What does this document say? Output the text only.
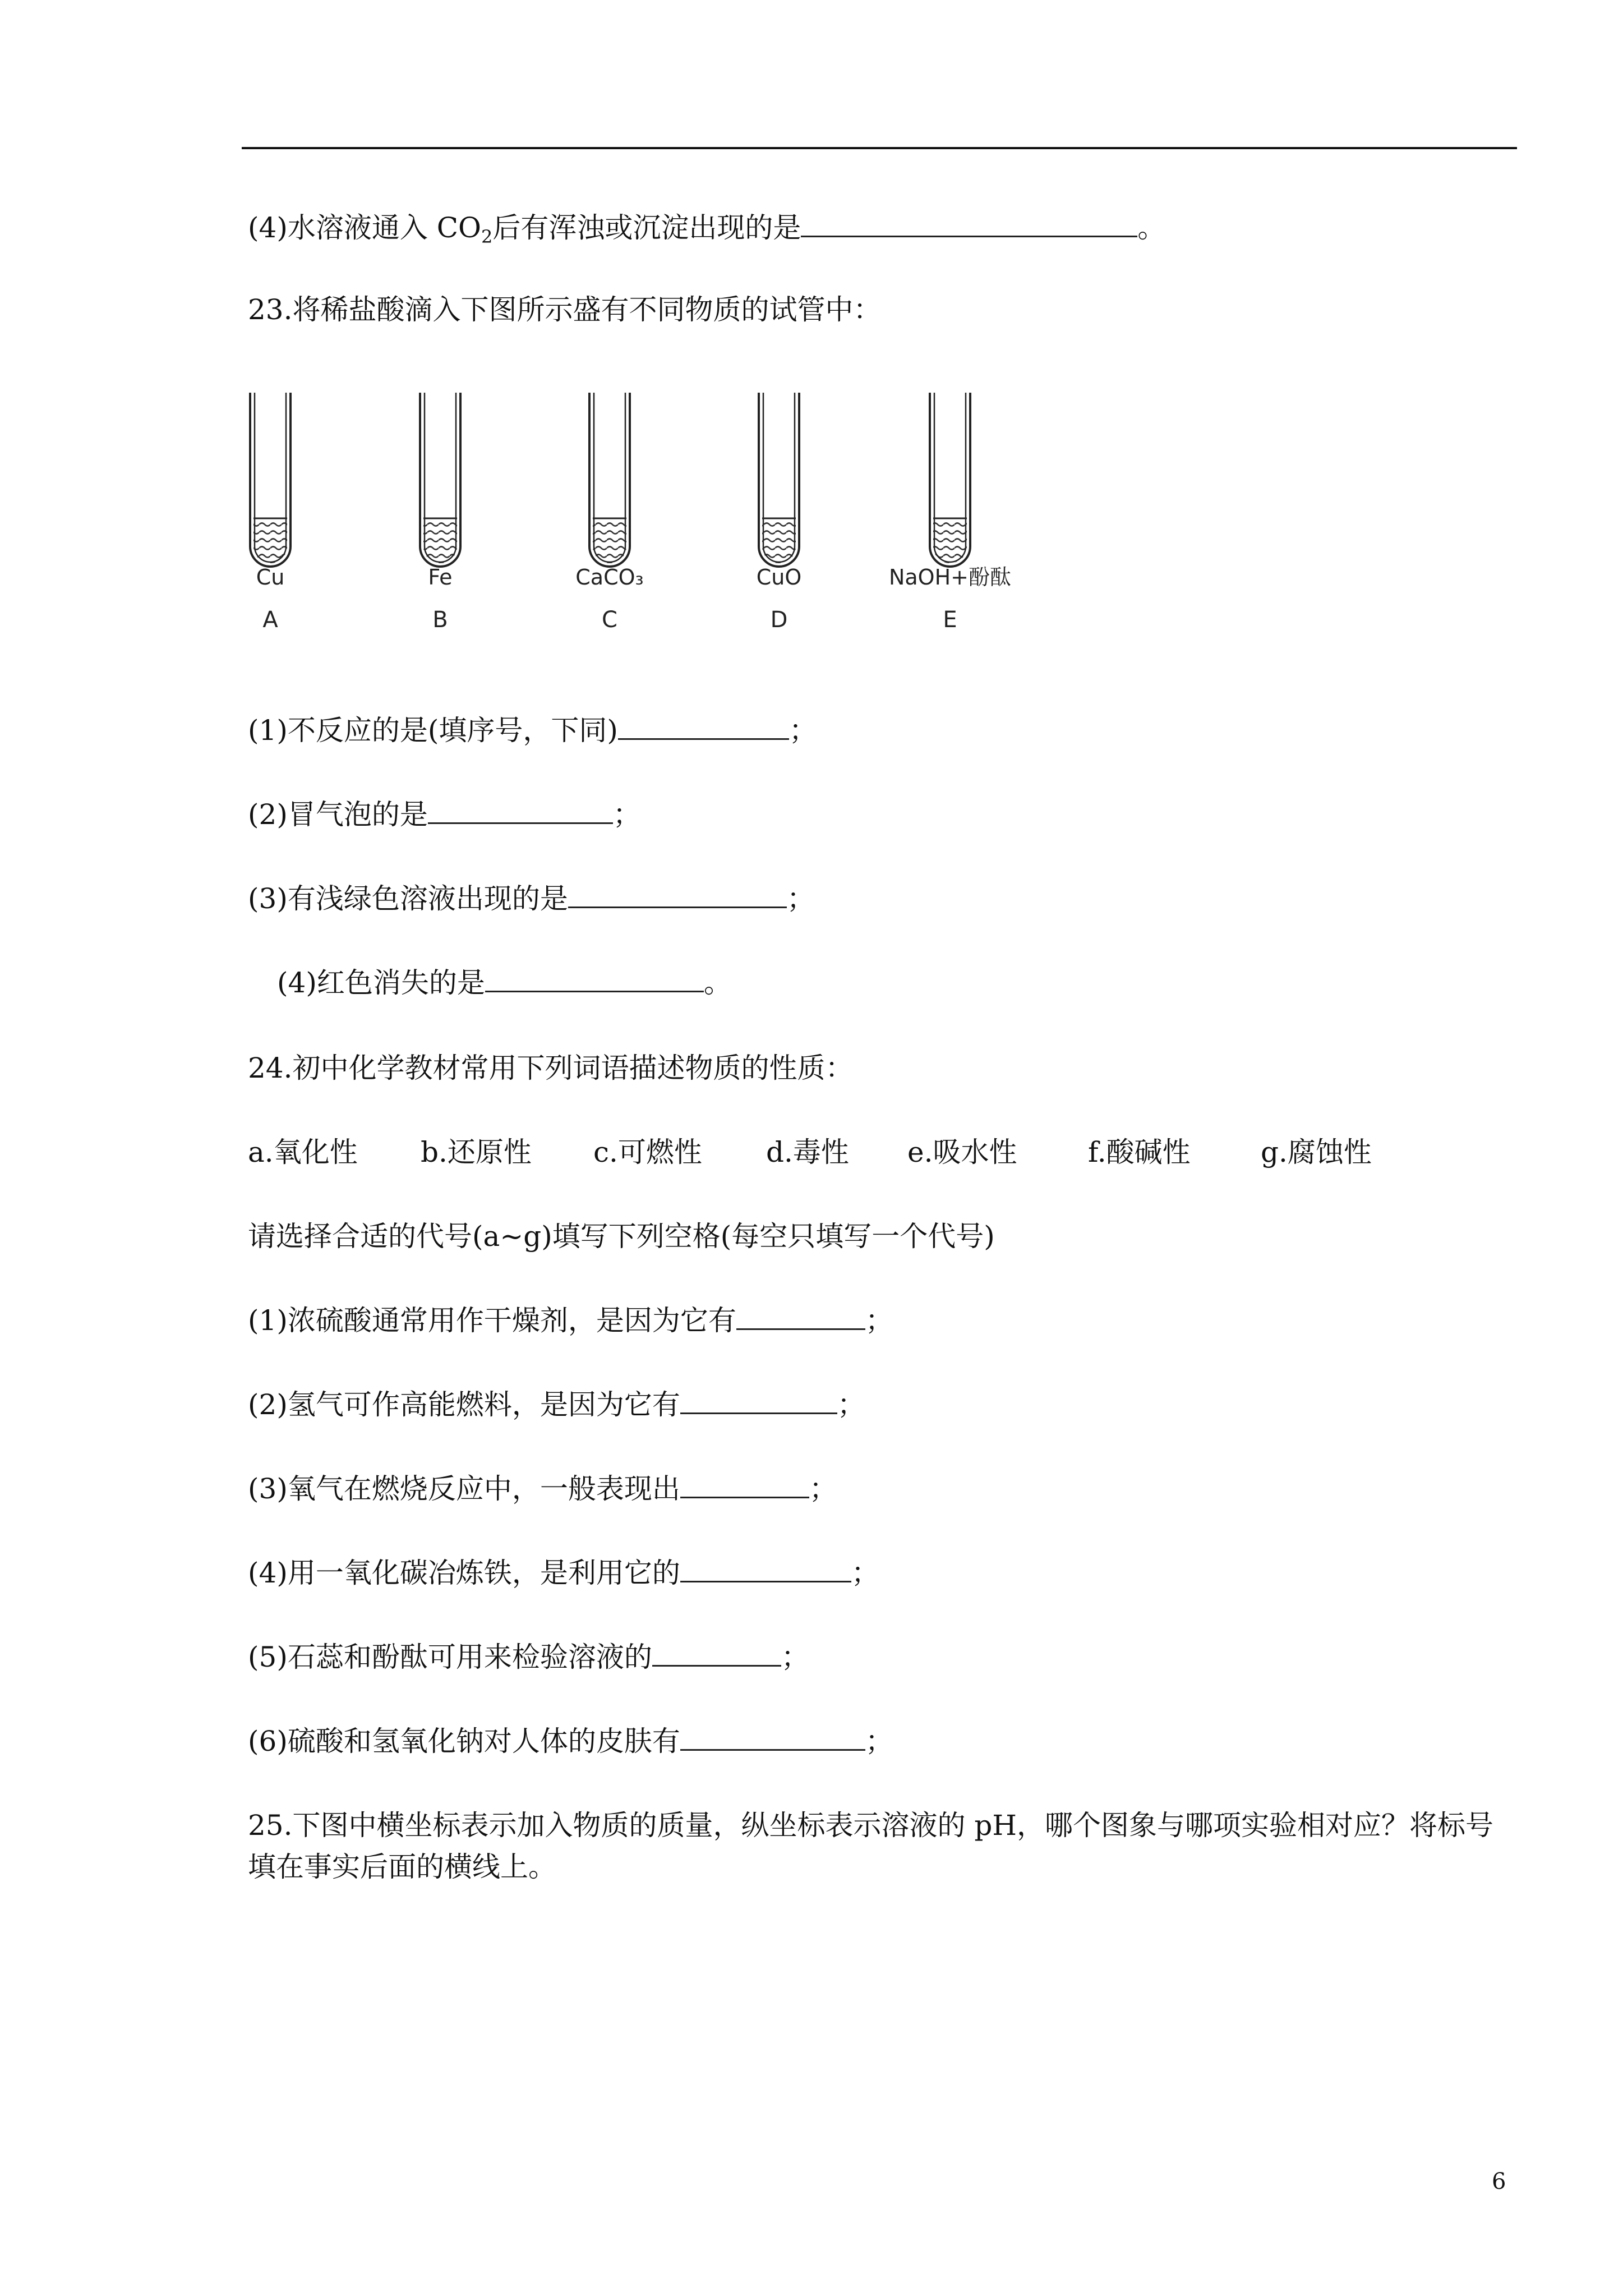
(4)水溶液通入 $CO_2$后有浑浊或沉淀出现的是	。
23.将稀盐酸滴入下图所示盛有不同物质的试管中：
Cu
A
Fe
B
CaCO₃
C
CuO
D
NaOH+酚酞
E
(1)不反应的是(填序号，下同)	；
(2)冒气泡的是	；
(3)有浅绿色溶液出现的是	；
(4)红色消失的是	。
24.初中化学教材常用下列词语描述物质的性质：
a.氧化性 b.还原性 c.可燃性 d.毒性 e.吸水性	f.酸碱性	g.腐蚀性
请选择合适的代号(a~g)填写下列空格(每空只填写一个代号)
(1)浓硫酸通常用作干燥剂，是因为它有	；
(2)氢气可作高能燃料，是因为它有	；
(3)氧气在燃烧反应中，一般表现出	；
(4)用一氧化碳冶炼铁，是利用它的	；
(5)石蕊和酚酞可用来检验溶液的	；
(6)硫酸和氢氧化钠对人体的皮肤有	；
25.下图中横坐标表示加入物质的质量，纵坐标表示溶液的 pH，哪个图象与哪项实验相对应？将标号
填在事实后面的横线上。
6
